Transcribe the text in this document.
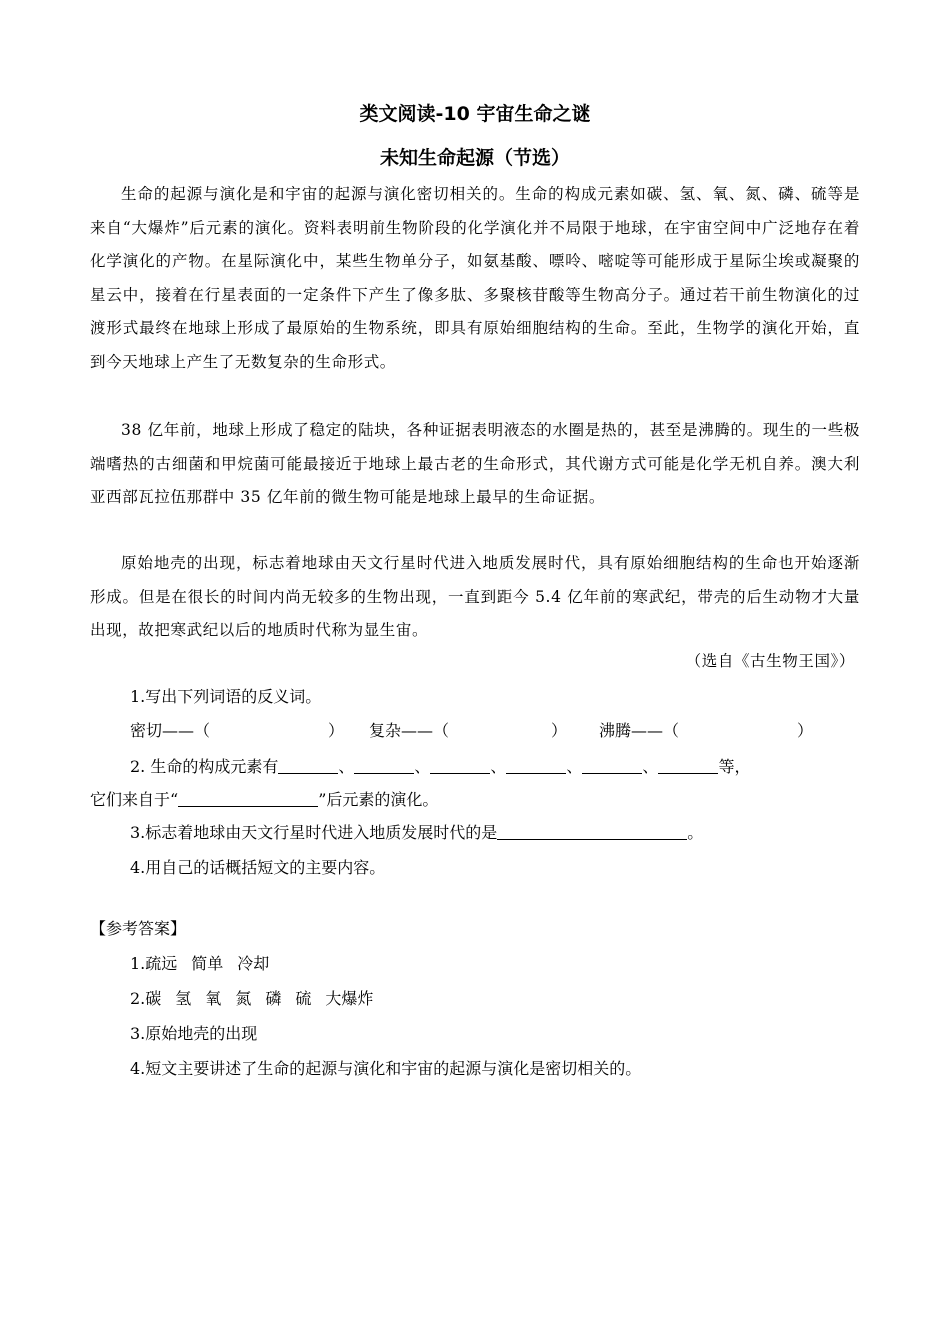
类文阅读-10 宇宙生命之谜
未知生命起源（节选）
生命的起源与演化是和宇宙的起源与演化密切相关的。生命的构成元素如碳、氢、氧、氮、磷、硫等是来自“大爆炸”后元素的演化。资料表明前生物阶段的化学演化并不局限于地球，在宇宙空间中广泛地存在着化学演化的产物。在星际演化中，某些生物单分子，如氨基酸、嘌呤、嘧啶等可能形成于星际尘埃或凝聚的星云中，接着在行星表面的一定条件下产生了像多肽、多聚核苷酸等生物高分子。通过若干前生物演化的过渡形式最终在地球上形成了最原始的生物系统，即具有原始细胞结构的生命。至此，生物学的演化开始，直到今天地球上产生了无数复杂的生命形式。
38 亿年前，地球上形成了稳定的陆块，各种证据表明液态的水圈是热的，甚至是沸腾的。现生的一些极端嗜热的古细菌和甲烷菌可能最接近于地球上最古老的生命形式，其代谢方式可能是化学无机自养。澳大利亚西部瓦拉伍那群中 35 亿年前的微生物可能是地球上最早的生命证据。
原始地壳的出现，标志着地球由天文行星时代进入地质发展时代，具有原始细胞结构的生命也开始逐渐形成。但是在很长的时间内尚无较多的生物出现，一直到距今 5.4 亿年前的寒武纪，带壳的后生动物才大量出现，故把寒武纪以后的地质时代称为显生宙。
（选自《古生物王国》）
1.写出下列词语的反义词。
密切——（	） 复杂——（	） 沸腾——（	）
2. 生命的构成元素有	、	、	、	、	、	等，
它们来自于“	”后元素的演化。
3.标志着地球由天文行星时代进入地质发展时代的是	。
4.用自己的话概括短文的主要内容。
【参考答案】
1.疏远 简单 冷却
2.碳 氢 氧 氮 磷 硫 大爆炸
3.原始地壳的出现
4.短文主要讲述了生命的起源与演化和宇宙的起源与演化是密切相关的。
